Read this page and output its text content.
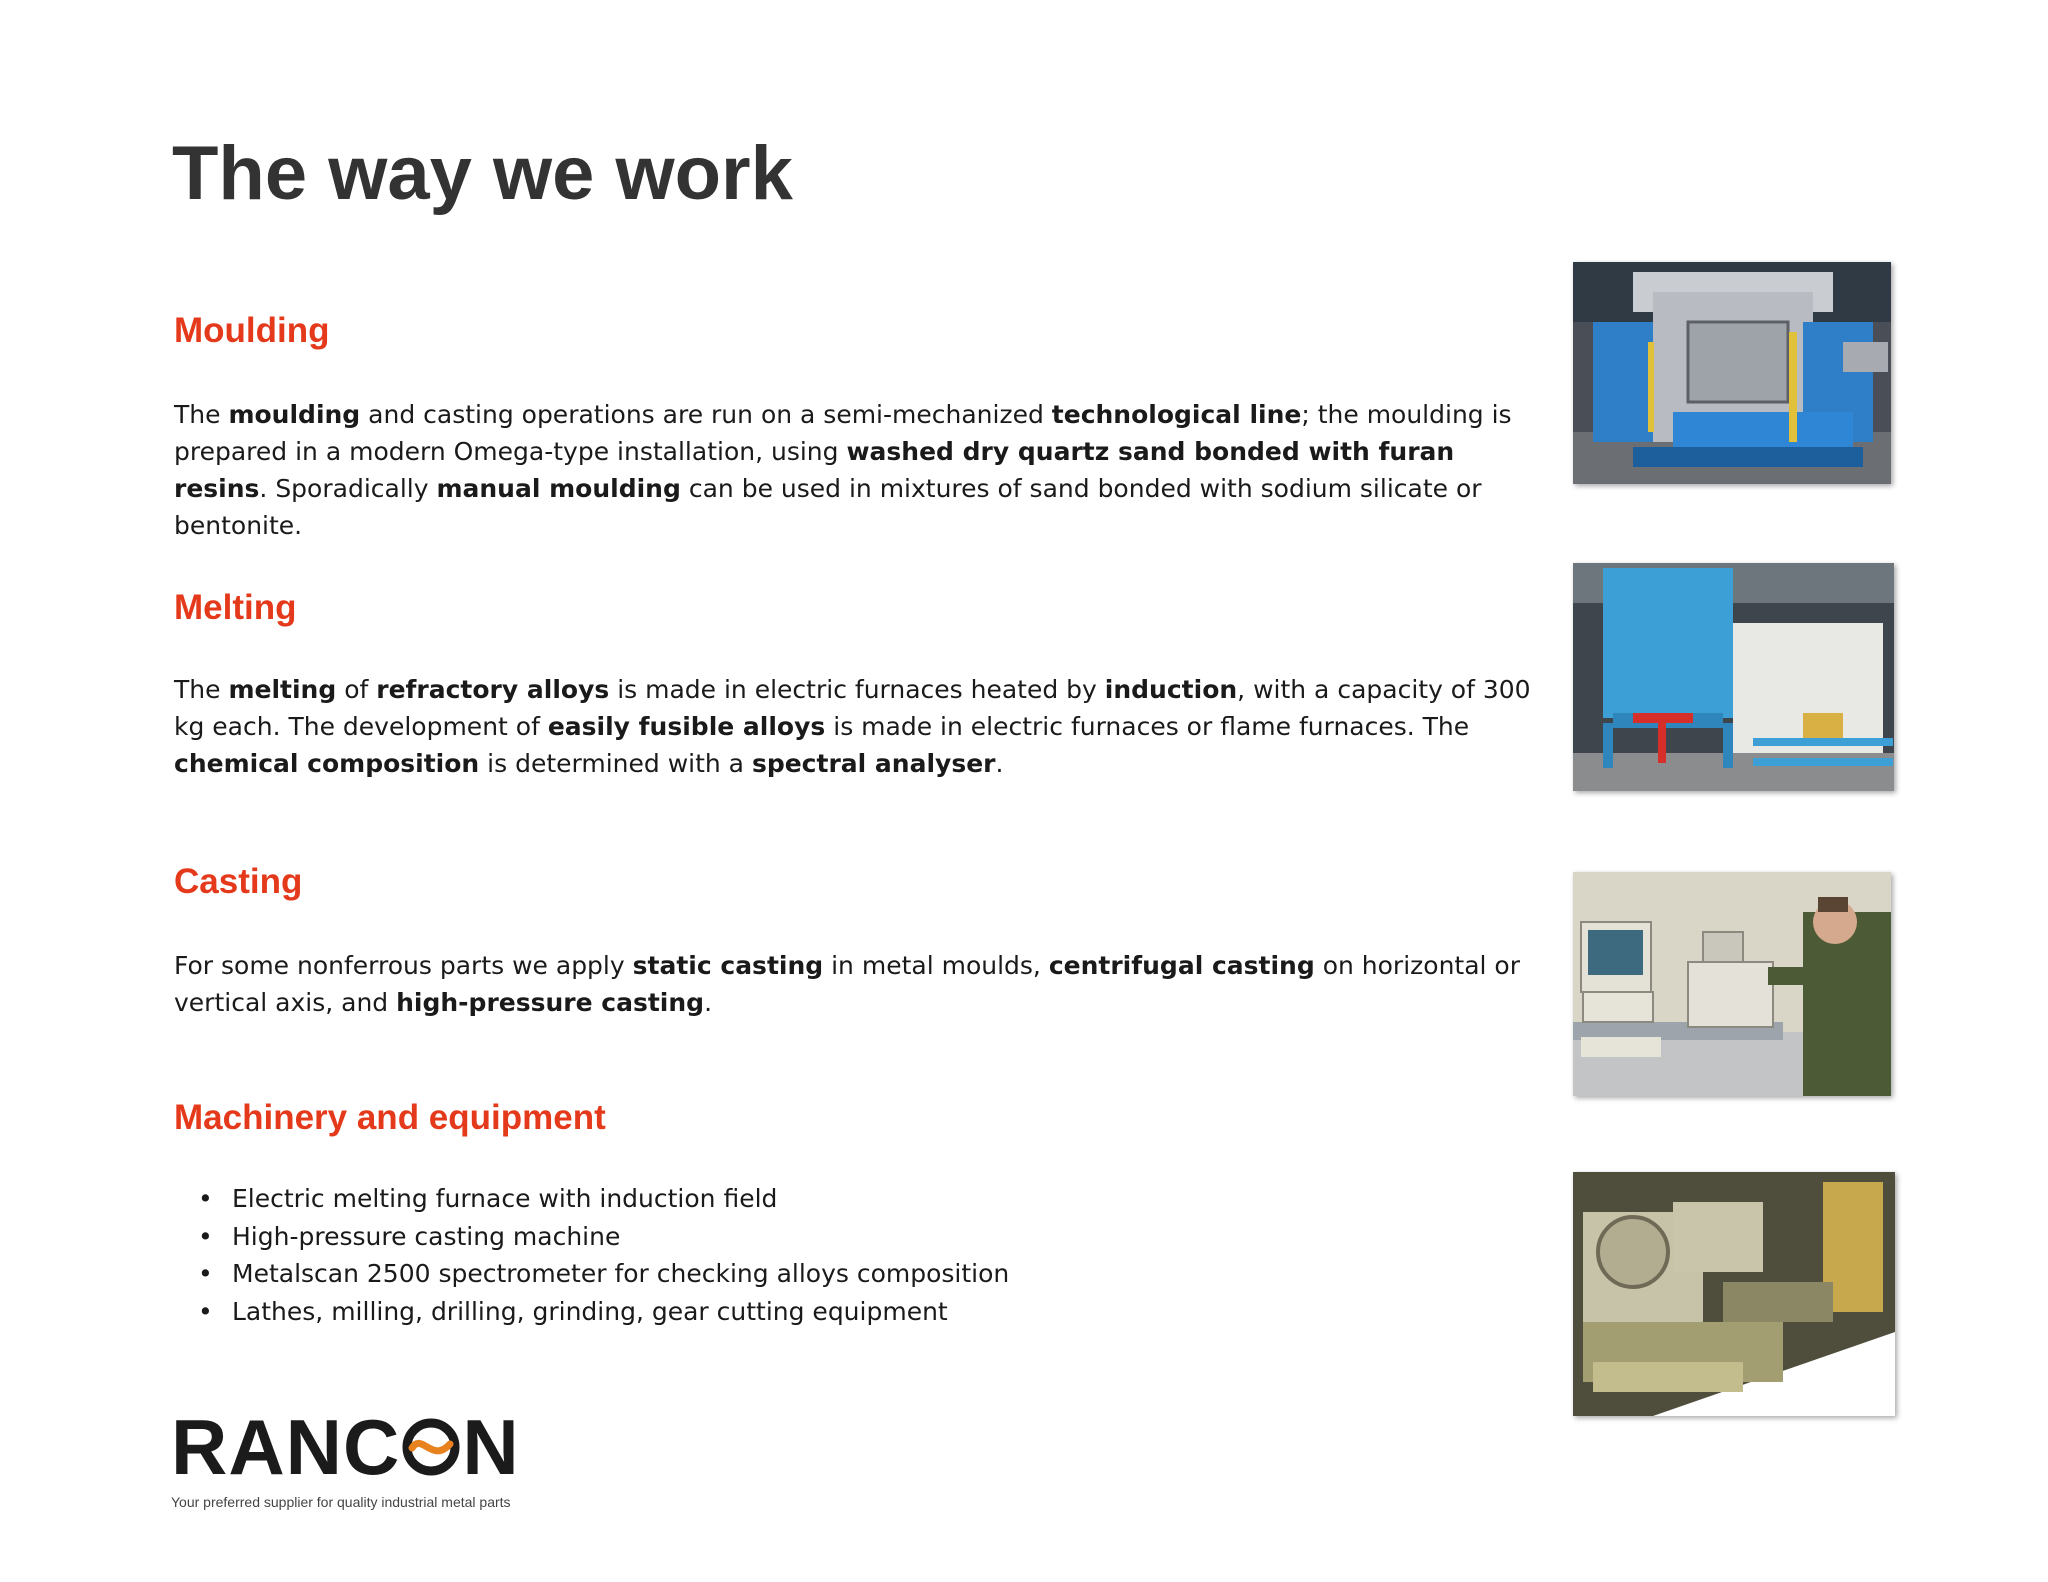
The way we work
Moulding

The moulding and casting operations are run on a semi-mechanized technological line; the moulding is prepared in a modern Omega-type installation, using washed dry quartz sand bonded with furan resins. Sporadically manual moulding can be used in mixtures of sand bonded with sodium silicate or bentonite.

Melting

The melting of refractory alloys is made in electric furnaces heated by induction, with a capacity of 300 kg each. The development of easily fusible alloys is made in electric furnaces or flame furnaces. The chemical composition is determined with a spectral analyser.

Casting

For some nonferrous parts we apply static casting in metal moulds, centrifugal casting on horizontal or vertical axis, and high-pressure casting.

Machinery and equipment
• Electric melting furnace with induction field
• High-pressure casting machine
• Metalscan 2500 spectrometer for checking alloys composition
• Lathes, milling, drilling, grinding, gear cutting equipment
RANC N
Your preferred supplier for quality industrial metal parts
